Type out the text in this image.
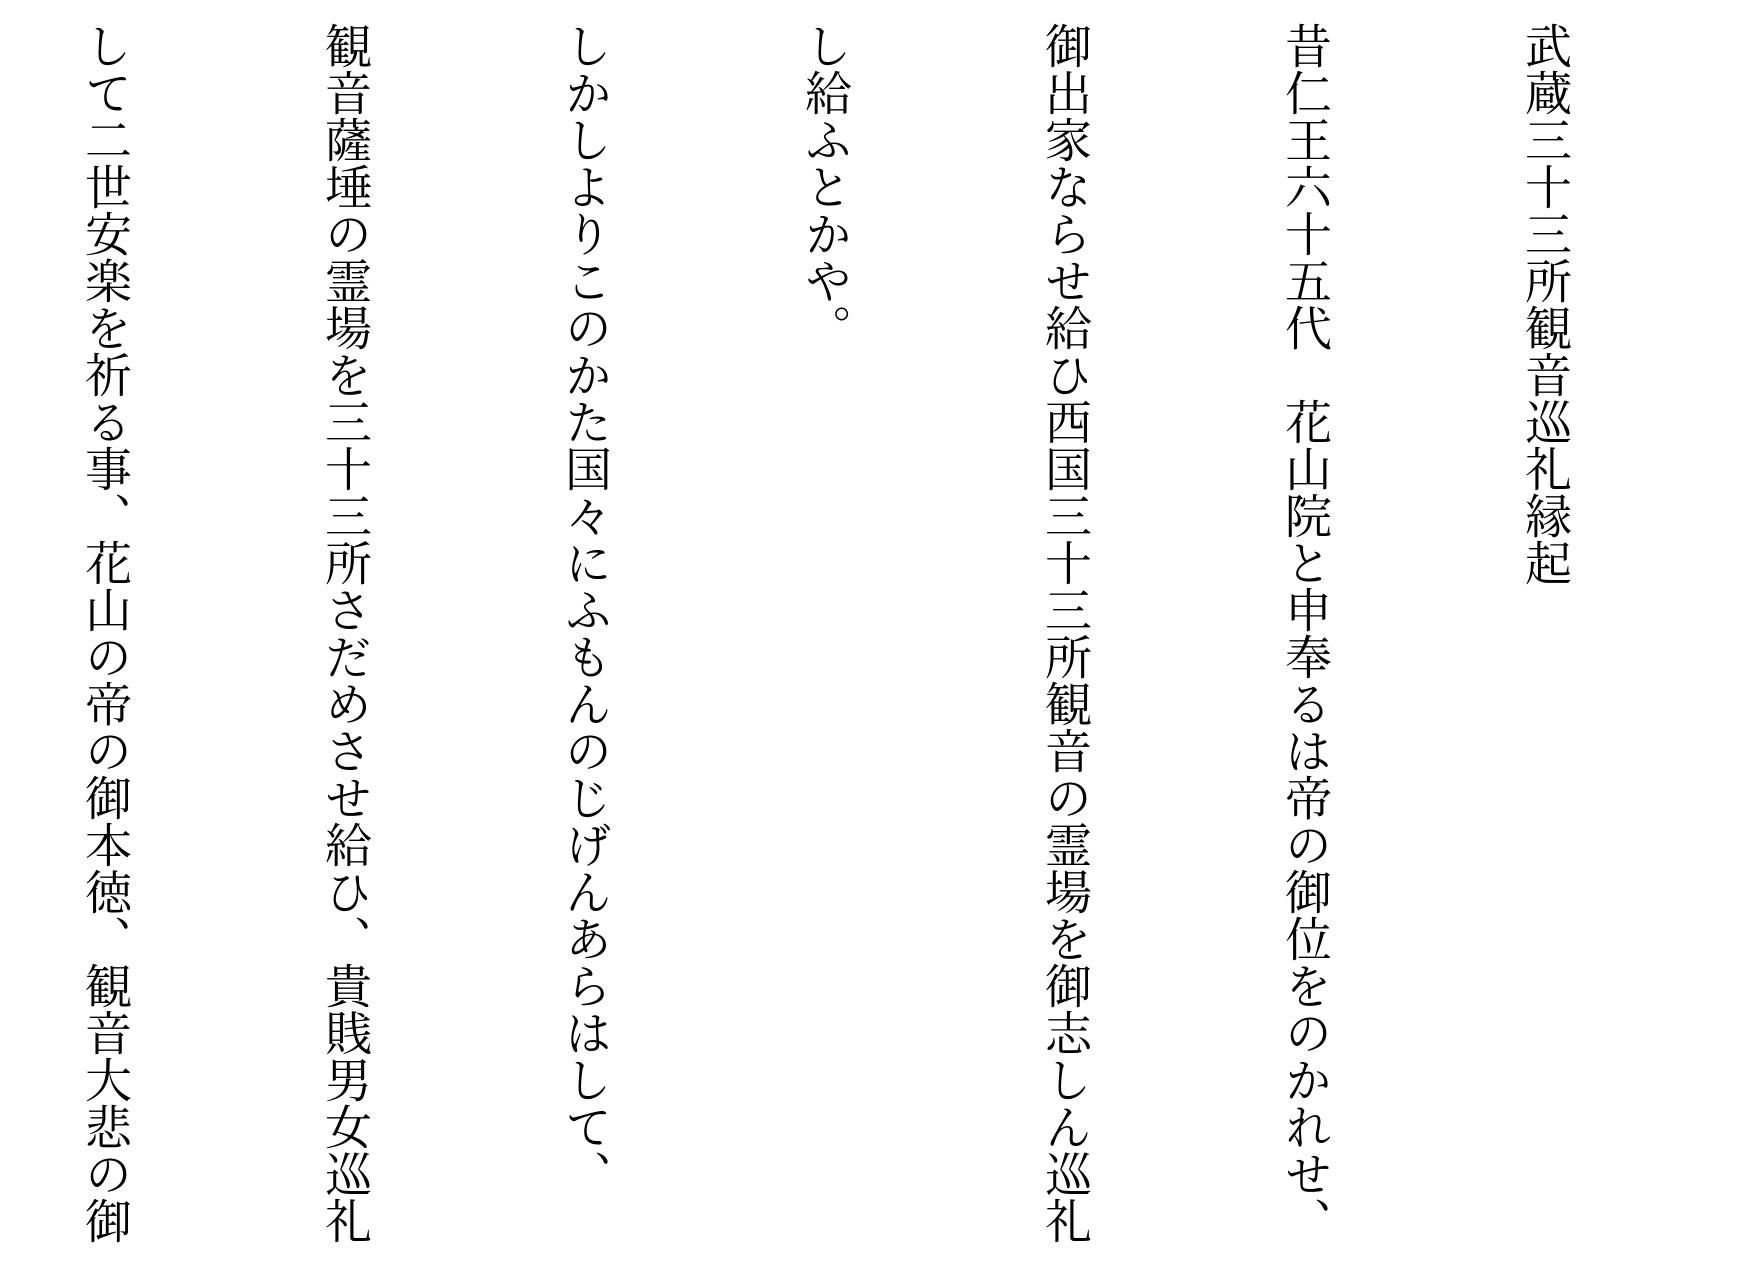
武蔵三十三所観音巡礼縁起

昔仁王六十五代　花山院と申奉るは帝の御位をのかれせ、

御出家ならせ給ひ西国三十三所観音の霊場を御志しん巡礼

し給ふとかや。

しかしよりこのかた国々にふもんのじげんあらはして、

観音薩埵の霊場を三十三所さだめさせ給ひ、貴賎男女巡礼

して二世安楽を祈る事、花山の帝の御本徳、観音大悲の御
